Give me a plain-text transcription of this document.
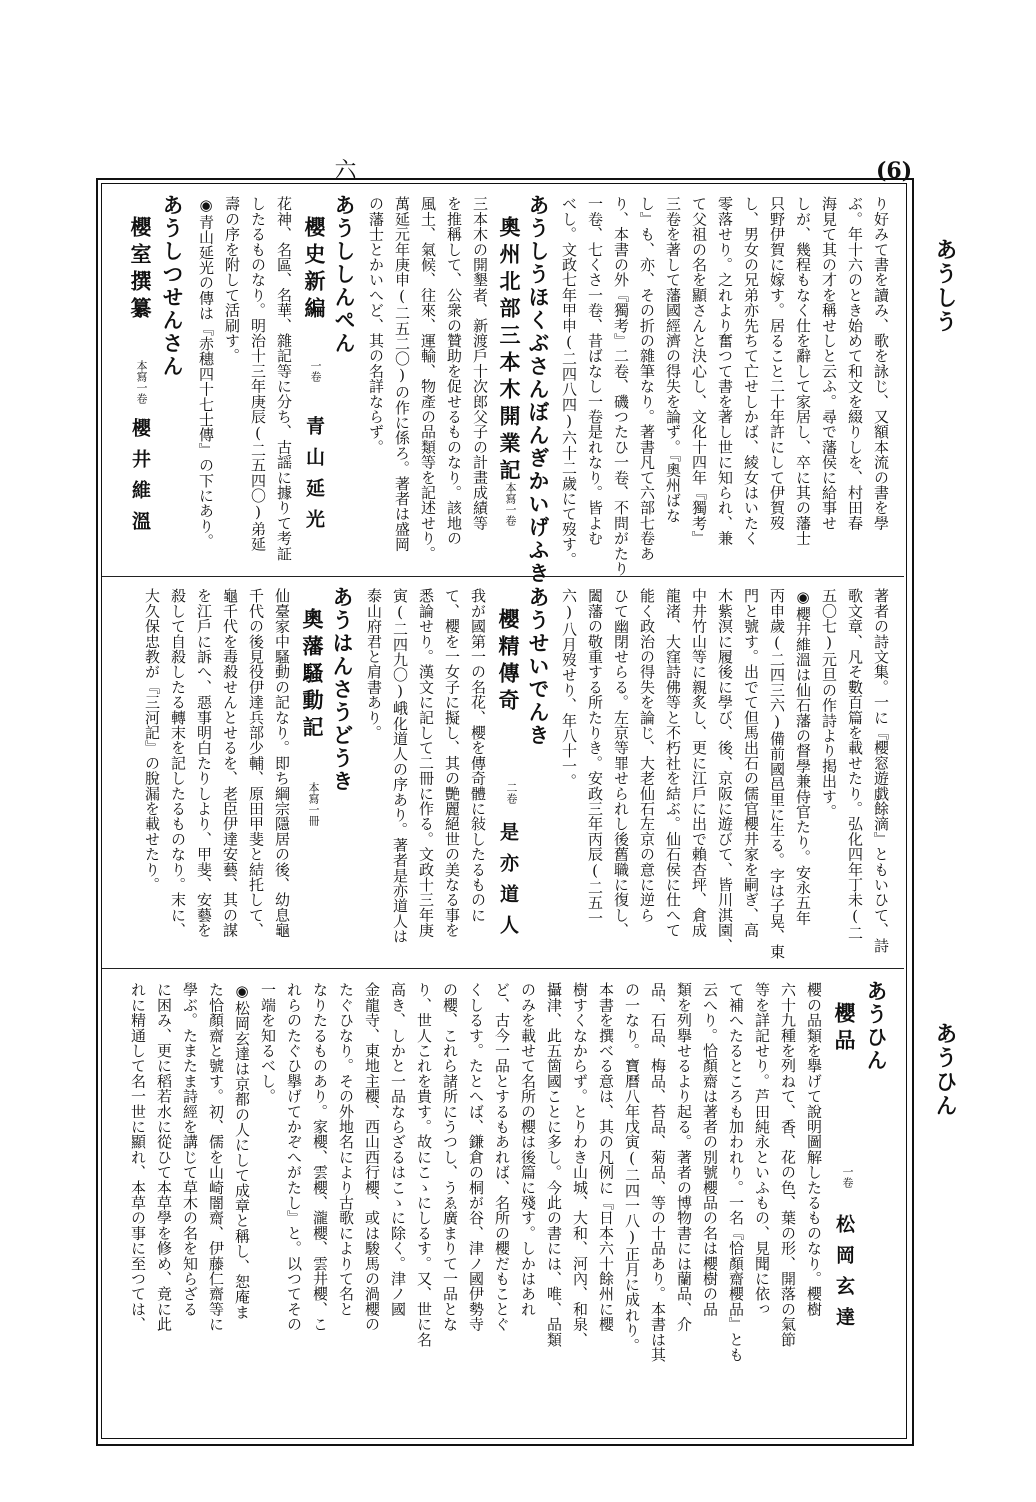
六	(6)
あうしう
あうひん
り好みて書を讀み、歌を詠じ、又額本流の書を學
ぶ。年十六のとき始めて和文を綴りしを、村田春
海見て其の才を稱せしと云ふ。尋で藩侯に給事せ
しが、幾程もなく仕を辭して家居し、卒に其の藩士
只野伊賀に嫁す。居ること二十年許にして伊賀歿
し、男女の兄弟亦先ちて亡せしかば、綾女はいたく
零落せり。之れより奮つて書を著し世に知られ、兼
て父祖の名を顯さんと決心し、文化十四年『獨考』
三卷を著して藩國經濟の得失を論ず。『奧州ばな
し』も、亦、その折の雜筆なり。著書凡て六部七卷あ
り、本書の外『獨考』二卷、磯つたひ一卷、不問がたり
一卷、七くさ一卷、昔ばなし一卷是れなり。皆よむ
べし。文政七年甲申(二四八四)六十二歲にて歿す。
あうしうほくぶさんぼんぎかいげふき
奧州北部三本木開業記
本寫一卷
三本木の開墾者、新渡戶十次郎父子の計畫成績等
を推稱して、公衆の贊助を促せるものなり。該地の
風土、氣候、往來、運輸、物產の品類等を記述せり。
萬延元年庚申(二五二〇)の作に係ろ。著者は盛岡
の藩士とかいへど、其の名詳ならず。
あうししんぺん
櫻史新編
一卷
青山延光
花神、名區、名華、雜記等に分ち、古謡に據りて考証
したるものなり。明治十三年庚辰(二五四〇)弟延
壽の序を附して活刷す。
◉青山延光の傳は『赤穗四十七士傳』の下にあり。
あうしつせんさん
櫻室撰纂
本寫一卷
櫻井維溫
著者の詩文集。一に『櫻窓遊戯餘滴』ともいひて、詩
歌文章、凡そ數百篇を載せたり。弘化四年丁未(二
五〇七)元旦の作詩より掲出す。
◉櫻井維溫は仙石藩の督學兼侍官たり。安永五年
丙申歲(二四三六)備前國邑里に生る。字は子晃、東
門と號す。出でて但馬出石の儒官櫻井家を嗣ぎ、高
木紫溟に履後に學び、後、京阪に遊びて、皆川淇園、
中井竹山等に親炙し、更に江戶に出で賴杏坪、倉成
龍渚、大窪詩佛等と不朽社を結ぶ。仙石侯に仕へて
能く政治の得失を論じ、大老仙石左京の意に逆ら
ひて幽閉せらる。左京等罪せられし後舊職に復し、
闔藩の敬重する所たりき。安政三年丙辰(二五一
六)八月歿せり、年八十一。
あうせいでんき
櫻精傳奇
二卷
是亦道人
我が國第一の名花、櫻を傳奇體に敍したるものに
て、櫻を一女子に擬し、其の艷麗絕世の美なる事を
悉論せり。漢文に記して二冊に作る。文政十三年庚
寅(二四九〇)峨化道人の序あり。著者是亦道人は
泰山府君と肩書あり。
あうはんさうどうき
奧藩騷動記
本寫一冊
仙臺家中騷動の記なり。即ち綱宗隱居の後、幼息龜
千代の後見役伊達兵部少輔、原田甲斐と結托して、
龜千代を毒殺せんとせるを、老臣伊達安藝、其の謀
を江戶に訴へ、惡事明白たりしより、甲斐、安藝を
殺して自殺したる轉末を記したるものなり。末に、
大久保忠教が『三河記』の脫漏を載せたり。
あうひん
櫻品
一卷
松岡玄達
櫻の品類を擧げて說明圖解したるものなり。櫻樹
六十九種を列ねて、香、花の色、葉の形、開落の氣節
等を詳記せり。芦田純永といふもの、見聞に依っ
て補へたるところも加われり。一名『恰顏齋櫻品』とも
云へり。恰顏齋は著者の別號櫻品の名は櫻樹の品
類を列擧せるより起る。著者の博物書には蘭品、介
品、石品、梅品、苔品、菊品、等の十品あり。本書は其
の一なり。寶曆八年戊寅(二四一八)正月に成れり。
本書を撰べる意は、其の凡例に『日本六十餘州に櫻
樹すくなからず。とりわき山城、大和、河內、和泉、
攝津、此五箇國ことに多し。今此の書には、唯、品類
のみを載せて名所の櫻は後篇に殘す。しかはあれ
ど、古今一品とするもあれば、名所の櫻だもことぐ
くしるす。たとへば、鎌倉の桐が谷、津ノ國伊勢寺
の櫻、これら諸所にうつし、うゑ廣まりて一品とな
り、世人これを貴す。故にこゝにしるす。又、世に名
高き、しかと一品ならざるはこゝに除く。津ノ國
金龍寺、東地主櫻、西山西行櫻、或は駿馬の渦櫻の
たぐひなり。その外地名により古歌によりて名と
なりたるものあり。家櫻、雲櫻、瀧櫻、雲井櫻、こ
れらのたぐひ擧げてかぞへがたし』と。以つてその
一端を知るべし。
◉松岡玄達は京都の人にして成章と稱し、恕庵ま
た恰顏齋と號す。初、儒を山崎闇齋、伊藤仁齋等に
學ぶ。たまたま詩經を講じて草木の名を知らざる
に困み、更に稻若水に從ひて本草學を修め、竟に此
れに精通して名一世に顯れ、本草の事に至つては、
